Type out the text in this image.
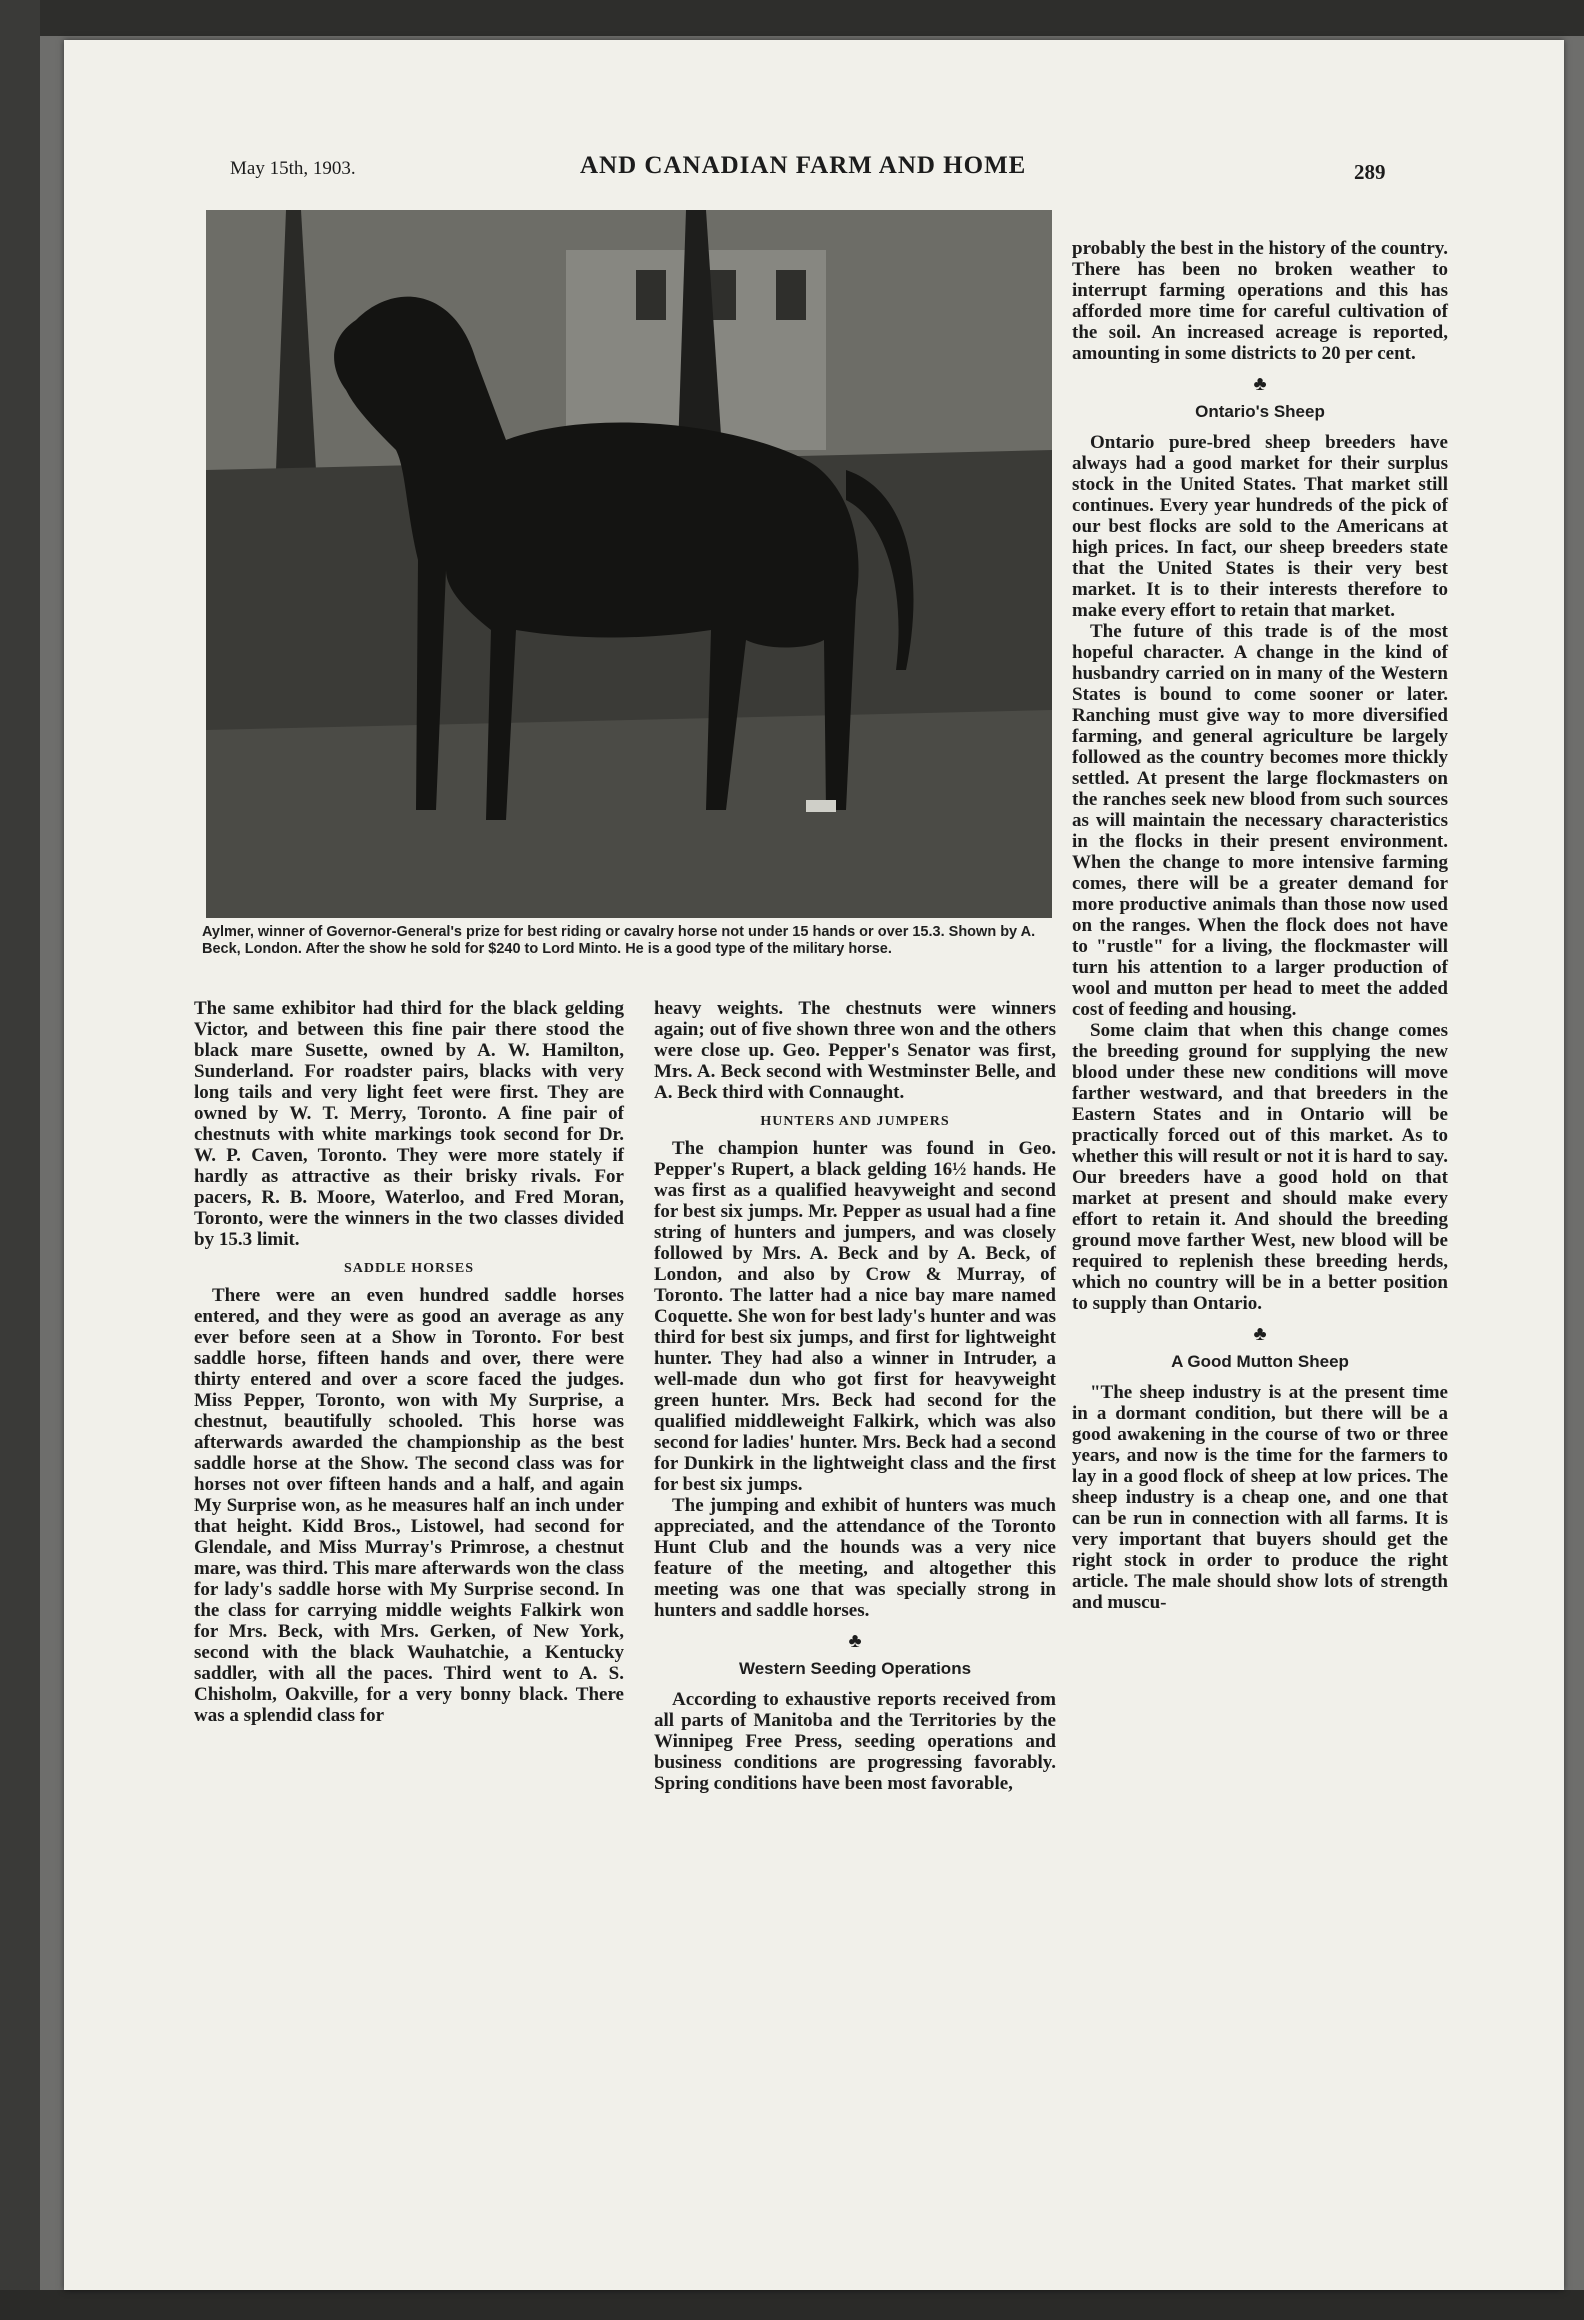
May 15th, 1903.	AND CANADIAN FARM AND HOME	289
Aylmer, winner of Governor-General's prize for best riding or cavalry horse not under 15 hands or over 15.3. Shown by A. Beck, London. After the show he sold for $240 to Lord Minto. He is a good type of the military horse.

The same exhibitor had third for the black gelding Victor, and between this fine pair there stood the black mare Susette, owned by A. W. Hamilton, Sunderland. For roadster pairs, blacks with very long tails and very light feet were first. They are owned by W. T. Merry, Toronto. A fine pair of chestnuts with white markings took second for Dr. W. P. Caven, Toronto. They were more stately if hardly as attractive as their brisky rivals. For pacers, R. B. Moore, Waterloo, and Fred Moran, Toronto, were the winners in the two classes divided by 15.3 limit.

SADDLE HORSES

There were an even hundred saddle horses entered, and they were as good an average as any ever before seen at a Show in Toronto. For best saddle horse, fifteen hands and over, there were thirty entered and over a score faced the judges. Miss Pepper, Toronto, won with My Surprise, a chestnut, beautifully schooled. This horse was afterwards awarded the championship as the best saddle horse at the Show. The second class was for horses not over fifteen hands and a half, and again My Surprise won, as he measures half an inch under that height. Kidd Bros., Listowel, had second for Glendale, and Miss Murray's Primrose, a chestnut mare, was third. This mare afterwards won the class for lady's saddle horse with My Surprise second. In the class for carrying middle weights Falkirk won for Mrs. Beck, with Mrs. Gerken, of New York, second with the black Wauhatchie, a Kentucky saddler, with all the paces. Third went to A. S. Chisholm, Oakville, for a very bonny black. There was a splendid class for

heavy weights. The chestnuts were winners again; out of five shown three won and the others were close up. Geo. Pepper's Senator was first, Mrs. A. Beck second with Westminster Belle, and A. Beck third with Connaught.

HUNTERS AND JUMPERS

The champion hunter was found in Geo. Pepper's Rupert, a black gelding 16½ hands. He was first as a qualified heavyweight and second for best six jumps. Mr. Pepper as usual had a fine string of hunters and jumpers, and was closely followed by Mrs. A. Beck and by A. Beck, of London, and also by Crow & Murray, of Toronto. The latter had a nice bay mare named Coquette. She won for best lady's hunter and was third for best six jumps, and first for lightweight hunter. They had also a winner in Intruder, a well-made dun who got first for heavyweight green hunter. Mrs. Beck had second for the qualified middleweight Falkirk, which was also second for ladies' hunter. Mrs. Beck had a second for Dunkirk in the lightweight class and the first for best six jumps.

The jumping and exhibit of hunters was much appreciated, and the attendance of the Toronto Hunt Club and the hounds was a very nice feature of the meeting, and altogether this meeting was one that was specially strong in hunters and saddle horses.

♣
Western Seeding Operations

According to exhaustive reports received from all parts of Manitoba and the Territories by the Winnipeg Free Press, seeding operations and business conditions are progressing favorably. Spring conditions have been most favorable,

probably the best in the history of the country. There has been no broken weather to interrupt farming operations and this has afforded more time for careful cultivation of the soil. An increased acreage is reported, amounting in some districts to 20 per cent.

♣
Ontario's Sheep

Ontario pure-bred sheep breeders have always had a good market for their surplus stock in the United States. That market still continues. Every year hundreds of the pick of our best flocks are sold to the Americans at high prices. In fact, our sheep breeders state that the United States is their very best market. It is to their interests therefore to make every effort to retain that market.

The future of this trade is of the most hopeful character. A change in the kind of husbandry carried on in many of the Western States is bound to come sooner or later. Ranching must give way to more diversified farming, and general agriculture be largely followed as the country becomes more thickly settled. At present the large flockmasters on the ranches seek new blood from such sources as will maintain the necessary characteristics in the flocks in their present environment. When the change to more intensive farming comes, there will be a greater demand for more productive animals than those now used on the ranges. When the flock does not have to "rustle" for a living, the flockmaster will turn his attention to a larger production of wool and mutton per head to meet the added cost of feeding and housing.

Some claim that when this change comes the breeding ground for supplying the new blood under these new conditions will move farther westward, and that breeders in the Eastern States and in Ontario will be practically forced out of this market. As to whether this will result or not it is hard to say. Our breeders have a good hold on that market at present and should make every effort to retain it. And should the breeding ground move farther West, new blood will be required to replenish these breeding herds, which no country will be in a better position to supply than Ontario.

♣
A Good Mutton Sheep

"The sheep industry is at the present time in a dormant condition, but there will be a good awakening in the course of two or three years, and now is the time for the farmers to lay in a good flock of sheep at low prices. The sheep industry is a cheap one, and one that can be run in connection with all farms. It is very important that buyers should get the right stock in order to produce the right article. The male should show lots of strength and muscu-
